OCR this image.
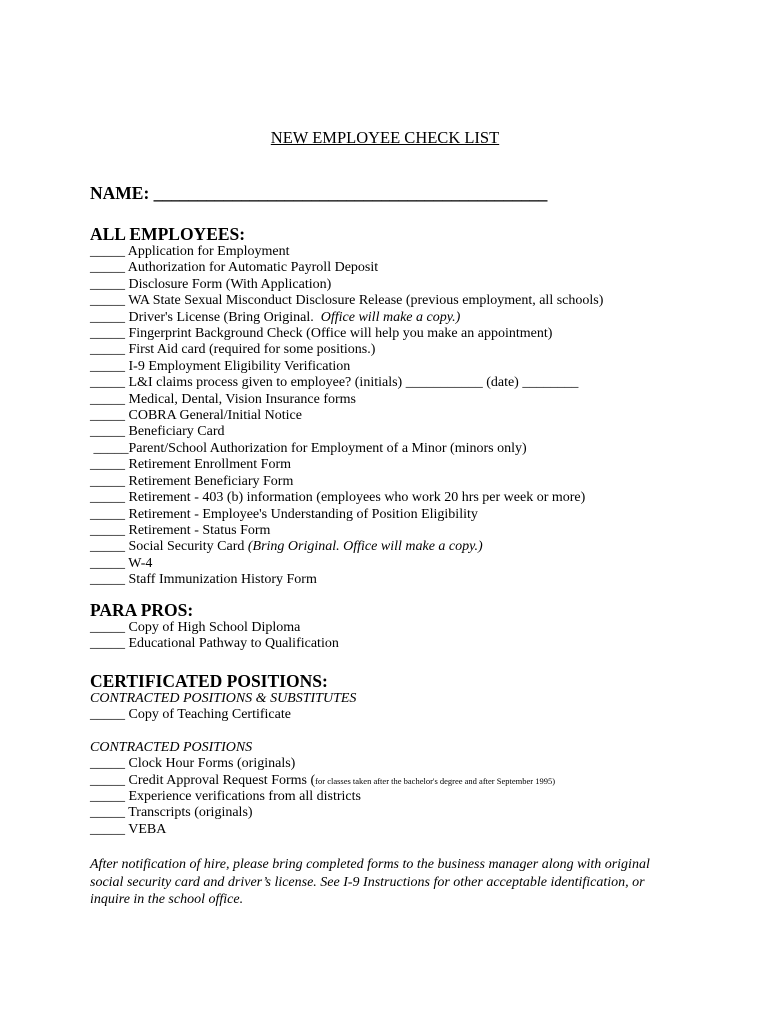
NEW EMPLOYEE CHECK LIST
NAME: _____________________________________________
ALL EMPLOYEES:
_____ Application for Employment
_____ Authorization for Automatic Payroll Deposit
_____ Disclosure Form (With Application)
_____ WA State Sexual Misconduct Disclosure Release (previous employment, all schools)
_____ Driver's License (Bring Original.  Office will make a copy.)
_____ Fingerprint Background Check (Office will help you make an appointment)
_____ First Aid card (required for some positions.)
_____ I-9 Employment Eligibility Verification
_____ L&I claims process given to employee? (initials) ___________ (date) ________
_____ Medical, Dental, Vision Insurance forms
_____ COBRA General/Initial Notice
_____ Beneficiary Card
_____Parent/School Authorization for Employment of a Minor (minors only)
_____ Retirement Enrollment Form
_____ Retirement Beneficiary Form
_____ Retirement - 403 (b) information (employees who work 20 hrs per week or more)
_____ Retirement - Employee's Understanding of Position Eligibility
_____ Retirement - Status Form
_____ Social Security Card (Bring Original. Office will make a copy.)
_____ W-4
_____ Staff Immunization History Form
PARA PROS:
_____ Copy of High School Diploma
_____ Educational Pathway to Qualification
CERTIFICATED POSITIONS:
CONTRACTED POSITIONS & SUBSTITUTES
_____ Copy of Teaching Certificate
CONTRACTED POSITIONS
_____ Clock Hour Forms (originals)
_____ Credit Approval Request Forms (for classes taken after the bachelor's degree and after September 1995)
_____ Experience verifications from all districts
_____ Transcripts (originals)
_____ VEBA
After notification of hire, please bring completed forms to the business manager along with original social security card and driver’s license. See I-9 Instructions for other acceptable identification, or inquire in the school office.
